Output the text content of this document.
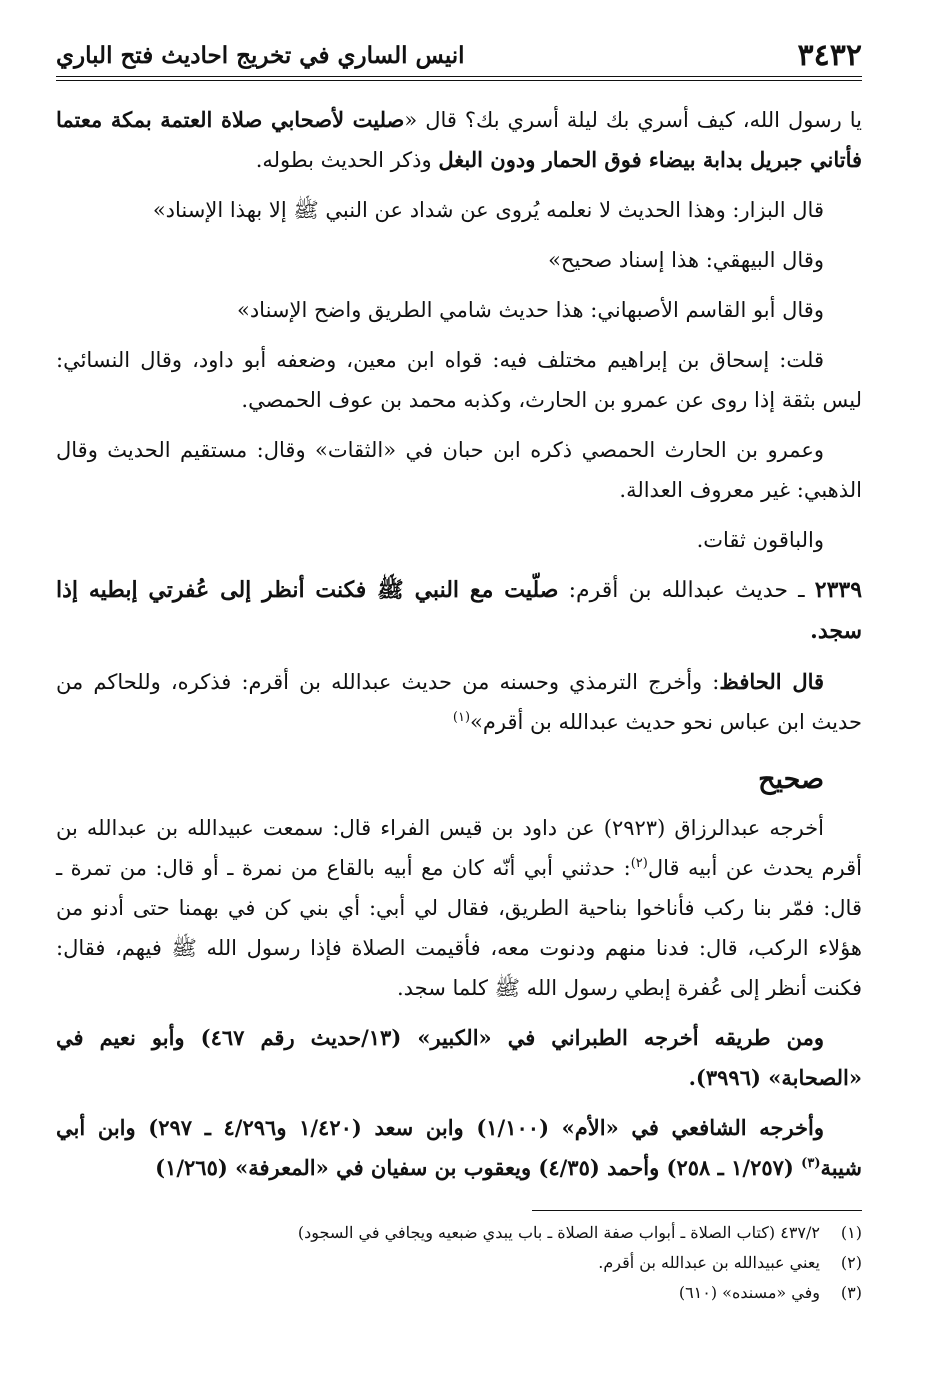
٣٤٣٢
انيس الساري في تخريج احاديث فتح الباري

يا رسول الله، كيف أسري بك ليلة أسري بك؟ قال «صليت لأصحابي صلاة العتمة بمكة معتما فأتاني جبريل بدابة بيضاء فوق الحمار ودون البغل وذكر الحديث بطوله.

قال البزار: وهذا الحديث لا نعلمه يُروى عن شداد عن النبي ﷺ إلا بهذا الإسناد»

وقال البيهقي: هذا إسناد صحيح»

وقال أبو القاسم الأصبهاني: هذا حديث شامي الطريق واضح الإسناد»

قلت: إسحاق بن إبراهيم مختلف فيه: قواه ابن معين، وضعفه أبو داود، وقال النسائي: ليس بثقة إذا روى عن عمرو بن الحارث، وكذبه محمد بن عوف الحمصي.

وعمرو بن الحارث الحمصي ذكره ابن حبان في «الثقات» وقال: مستقيم الحديث وقال الذهبي: غير معروف العدالة.

والباقون ثقات.

٢٣٣٩ ـ حديث عبدالله بن أقرم: صلّيت مع النبي ﷺ فكنت أنظر إلى عُفرتي إبطيه إذا سجد.

قال الحافظ: وأخرج الترمذي وحسنه من حديث عبدالله بن أقرم: فذكره، وللحاكم من حديث ابن عباس نحو حديث عبدالله بن أقرم»$^{(١)}$

صحيح

أخرجه عبدالرزاق (٢٩٢٣) عن داود بن قيس الفراء قال: سمعت عبيدالله بن عبدالله بن أقرم يحدث عن أبيه قال$^{(٢)}$: حدثني أبي أنّه كان مع أبيه بالقاع من نمرة ـ أو قال: من تمرة ـ قال: فمّر بنا ركب فأناخوا بناحية الطريق، فقال لي أبي: أي بني كن في بهمنا حتى أدنو من هؤلاء الركب، قال: فدنا منهم ودنوت معه، فأقيمت الصلاة فإذا رسول الله ﷺ فيهم، فقال: فكنت أنظر إلى عُفرة إبطي رسول الله ﷺ كلما سجد.

ومن طريقه أخرجه الطبراني في «الكبير» (١٣/حديث رقم ٤٦٧) وأبو نعيم في «الصحابة» (٣٩٩٦).

وأخرجه الشافعي في «الأم» (١/١٠٠) وابن سعد (١/٤٢٠ و٤/٢٩٦ ـ ٢٩٧) وابن أبي شيبة$^{(٣)}$ (١/٢٥٧ ـ ٢٥٨) وأحمد (٤/٣٥) ويعقوب بن سفيان في «المعرفة» (١/٢٦٥)

(١)
٤٣٧/٢ (كتاب الصلاة ـ أبواب صفة الصلاة ـ باب يبدي ضبعيه ويجافي في السجود)
(٢)
يعني عبيدالله بن عبدالله بن أقرم.
(٣)
وفي «مسنده» (٦١٠)
